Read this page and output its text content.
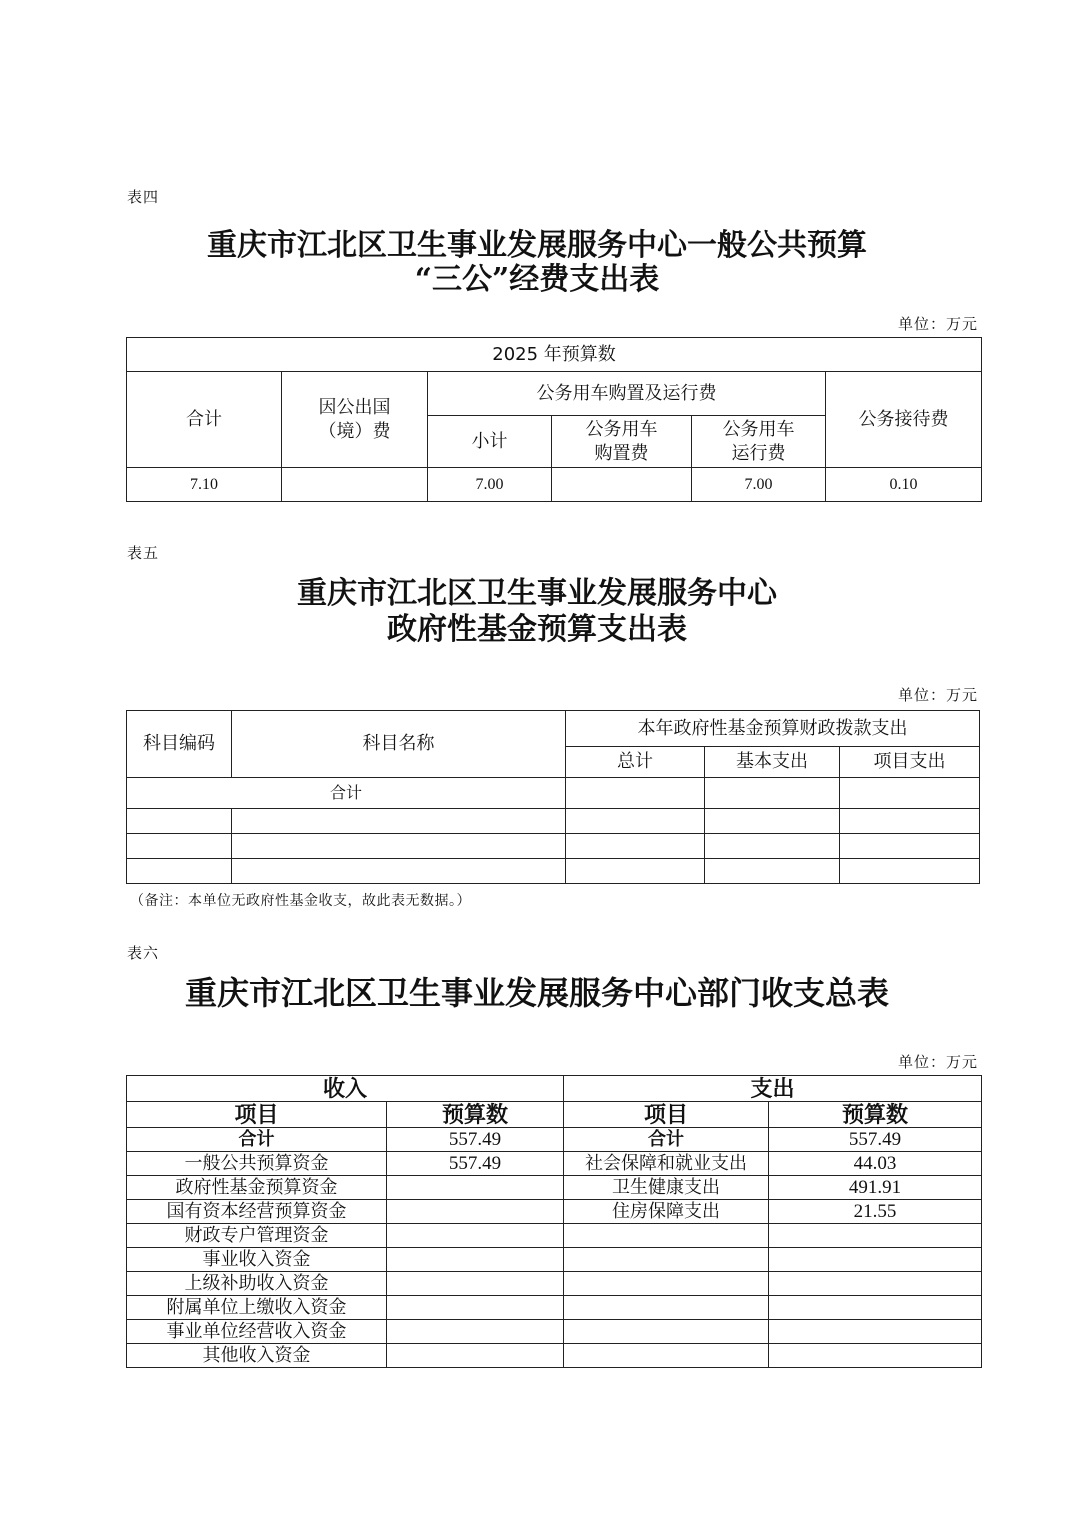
表四
重庆市江北区卫生事业发展服务中心一般公共预算
“三公”经费支出表
单位：万元
2025 年预算数					
合计	因公出国（境）费	公务用车购置及运行费			公务接待费
		小计	公务用车购置费	公务用车运行费	
7.10		7.00		7.00	0.10
表五
重庆市江北区卫生事业发展服务中心
政府性基金预算支出表
单位：万元
科目编码	科目名称	本年政府性基金预算财政拨款支出		
		总计	基本支出	项目支出
合计				

（备注：本单位无政府性基金收支，故此表无数据。）
表六
重庆市江北区卫生事业发展服务中心部门收支总表
单位：万元
收入		支出	
项目	预算数	项目	预算数
合计	557.49	合计	557.49
一般公共预算资金	557.49	社会保障和就业支出	44.03
政府性基金预算资金		卫生健康支出	491.91
国有资本经营预算资金		住房保障支出	21.55
财政专户管理资金			
事业收入资金			
上级补助收入资金			
附属单位上缴收入资金			
事业单位经营收入资金			
其他收入资金			
